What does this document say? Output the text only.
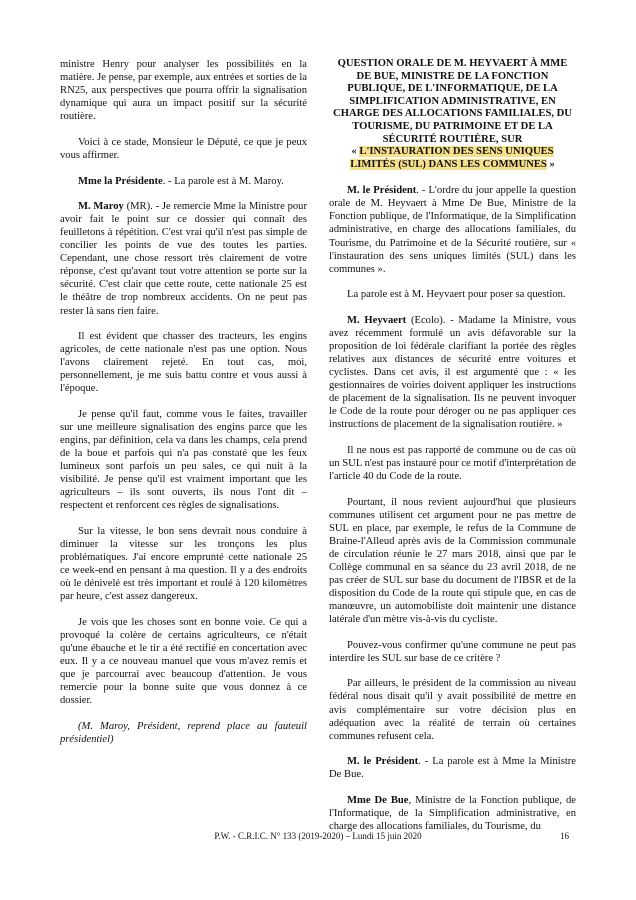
ministre Henry pour analyser les possibilités en la matière. Je pense, par exemple, aux entrées et sorties de la RN25, aux perspectives que pourra offrir la signalisation dynamique qui aura un impact positif sur la sécurité routière.

Voici à ce stade, Monsieur le Député, ce que je peux vous affirmer.

Mme la Présidente. - La parole est à M. Maroy.

M. Maroy (MR). - Je remercie Mme la Ministre pour avoir fait le point sur ce dossier qui connaît des feuilletons à répétition. C'est vrai qu'il n'est pas simple de concilier les points de vue des toutes les parties. Cependant, une chose ressort très clairement de votre réponse, c'est qu'avant tout votre attention se porte sur la sécurité. C'est clair que cette route, cette nationale 25 est le théâtre de trop nombreux accidents. On ne peut pas rester là sans rien faire.

Il est évident que chasser des tracteurs, les engins agricoles, de cette nationale n'est pas une option. Nous l'avons clairement rejeté. En tout cas, moi, personnellement, je me suis battu contre et vous aussi à l'époque.

Je pense qu'il faut, comme vous le faites, travailler sur une meilleure signalisation des engins parce que les engins, par définition, cela va dans les champs, cela prend de la boue et parfois qui n'a pas constaté que les feux lumineux sont parfois un peu sales, ce qui nuit à la visibilité. Je pense qu'il est vraiment important que les agriculteurs – ils sont ouverts, ils nous l'ont dit – respectent et renforcent ces règles de signalisations.

Sur la vitesse, le bon sens devrait nous conduire à diminuer la vitesse sur les tronçons les plus problématiques. J'ai encore emprunté cette nationale 25 ce week-end en pensant à ma question. Il y a des endroits où le dénivelé est très important et roulé à 120 kilomètres par heure, c'est assez dangereux.

Je vois que les choses sont en bonne voie. Ce qui a provoqué la colère de certains agriculteurs, ce n'était qu'une ébauche et le tir a été rectifié en concertation avec eux. Il y a ce nouveau manuel que vous m'avez remis et que je parcourrai avec beaucoup d'attention. Je vous remercie pour la bonne suite que vous donnez à ce dossier.

(M. Maroy, Président, reprend place au fauteuil présidentiel)

QUESTION ORALE DE M. HEYVAERT À MME DE BUE, MINISTRE DE LA FONCTION PUBLIQUE, DE L'INFORMATIQUE, DE LA SIMPLIFICATION ADMINISTRATIVE, EN CHARGE DES ALLOCATIONS FAMILIALES, DU TOURISME, DU PATRIMOINE ET DE LA SÉCURITÉ ROUTIÈRE, SUR
« L'INSTAURATION DES SENS UNIQUES LIMITÉS (SUL) DANS LES COMMUNES »

M. le Président. - L'ordre du jour appelle la question orale de M. Heyvaert à Mme De Bue, Ministre de la Fonction publique, de l'Informatique, de la Simplification administrative, en charge des allocations familiales, du Tourisme, du Patrimoine et de la Sécurité routière, sur « l'instauration des sens uniques limités (SUL) dans les communes ».

La parole est à M. Heyvaert pour poser sa question.

M. Heyvaert (Ecolo). - Madame la Ministre, vous avez récemment formulé un avis défavorable sur la proposition de loi fédérale clarifiant la portée des règles relatives aux distances de sécurité entre voitures et cyclistes. Dans cet avis, il est argumenté que : « les gestionnaires de voiries doivent appliquer les instructions de placement de la signalisation. Ils ne peuvent invoquer le Code de la route pour déroger ou ne pas appliquer ces instructions de placement de la signalisation routière. »

Il ne nous est pas rapporté de commune ou de cas où un SUL n'est pas instauré pour ce motif d'interprétation de l'article 40 du Code de la route.

Pourtant, il nous revient aujourd'hui que plusieurs communes utilisent cet argument pour ne pas mettre de SUL en place, par exemple, le refus de la Commune de Braine-l'Alleud après avis de la Commission communale de circulation réunie le 27 mars 2018, ainsi que par le Collège communal en sa séance du 23 avril 2018, de ne pas créer de SUL sur base du document de l'IBSR et de la disposition du Code de la route qui stipule que, en cas de manœuvre, un automobiliste doit maintenir une distance latérale d'un mètre vis-à-vis du cycliste.

Pouvez-vous confirmer qu'une commune ne peut pas interdire les SUL sur base de ce critère ?

Par ailleurs, le président de la commission au niveau fédéral nous disait qu'il y avait possibilité de mettre en avis complémentaire sur votre décision plus en adéquation avec la réalité de terrain où certaines communes refusent cela.

M. le Président. - La parole est à Mme la Ministre De Bue.

Mme De Bue, Ministre de la Fonction publique, de l'Informatique, de la Simplification administrative, en charge des allocations familiales, du Tourisme, du

P.W. - C.R.I.C. N° 133 (2019-2020) – Lundi 15 juin 2020	16
